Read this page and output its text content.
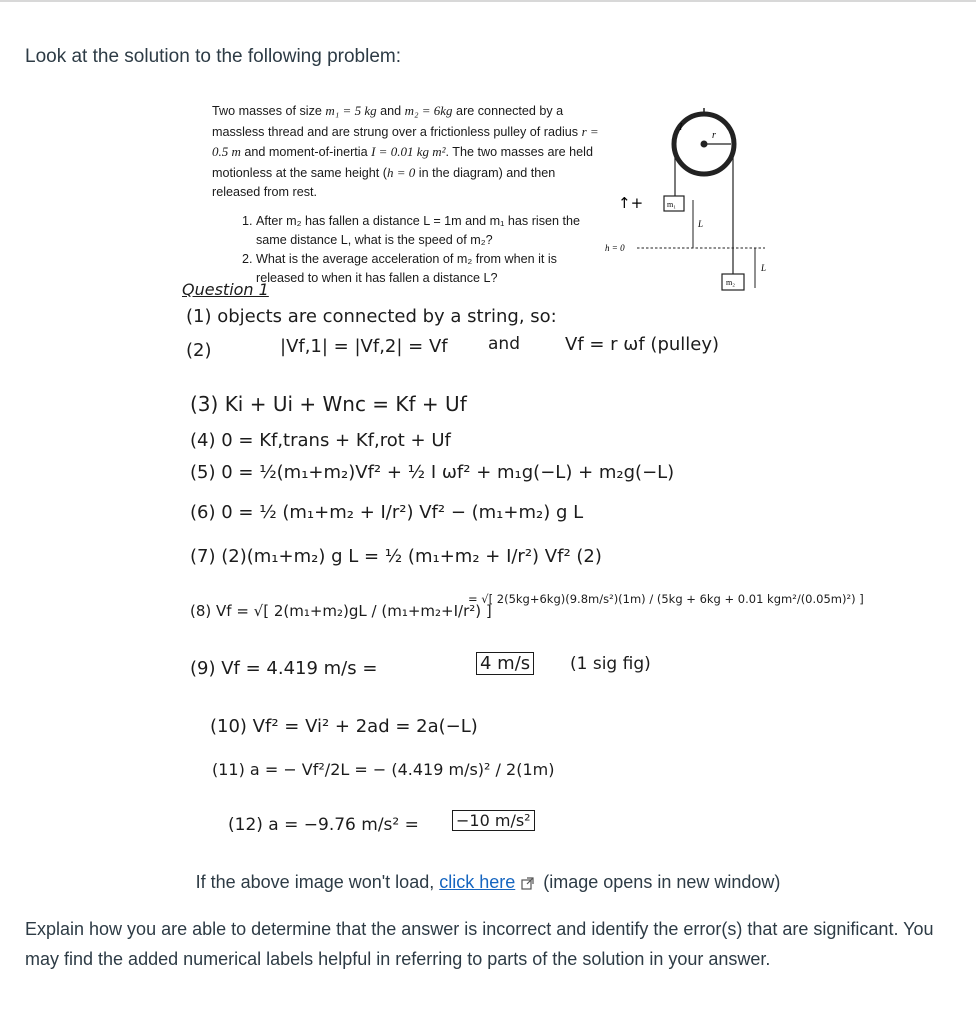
Look at the solution to the following problem:

Two masses of size m₁ = 5 kg and m₂ = 6kg are connected by a massless thread and are strung over a frictionless pulley of radius r = 0.5 m and moment-of-inertia I = 0.01 kg m². The two masses are held motionless at the same height (h = 0 in the diagram) and then released from rest.

1. After m₂ has fallen a distance L = 1m and m₁ has risen the same distance L, what is the speed of m₂?
2. What is the average acceleration of m₂ from when it is released to when it has fallen a distance L?
I
r
m₁
m₂
↑+
L
h = 0
L
Question 1
(1) objects are connected by a string, so:
(2)	|Vf,1| = |Vf,2| = Vf and	Vf = r ωf (pulley)
(3) Ki + Ui + Wnc = Kf + Uf
(4) 0 = Kf,trans + Kf,rot + Uf
(5) 0 = ½(m₁+m₂)Vf² + ½ I ωf² + m₁g(−L) + m₂g(−L)
(6) 0 = ½ (m₁+m₂ + I/r²) Vf² − (m₁+m₂) g L
(7) (2)(m₁+m₂) g L = ½ (m₁+m₂ + I/r²) Vf² (2)
(8) Vf = √[ 2(m₁+m₂)gL / (m₁+m₂+I/r²) ]
= √[ 2(5kg+6kg)(9.8m/s²)(1m) / (5kg + 6kg + 0.01 kgm²/(0.05m)²) ]
(9) Vf = 4.419 m/s =	4 m/s (1 sig fig)
(10) Vf² = Vi² + 2ad = 2a(−L)
(11) a = − Vf²/2L = − (4.419 m/s)² / 2(1m)
(12) a = −9.76 m/s² = −10 m/s²
If the above image won't load, click here (image opens in new window)
Explain how you are able to determine that the answer is incorrect and identify the error(s) that are significant. You may find the added numerical labels helpful in referring to parts of the solution in your answer.
